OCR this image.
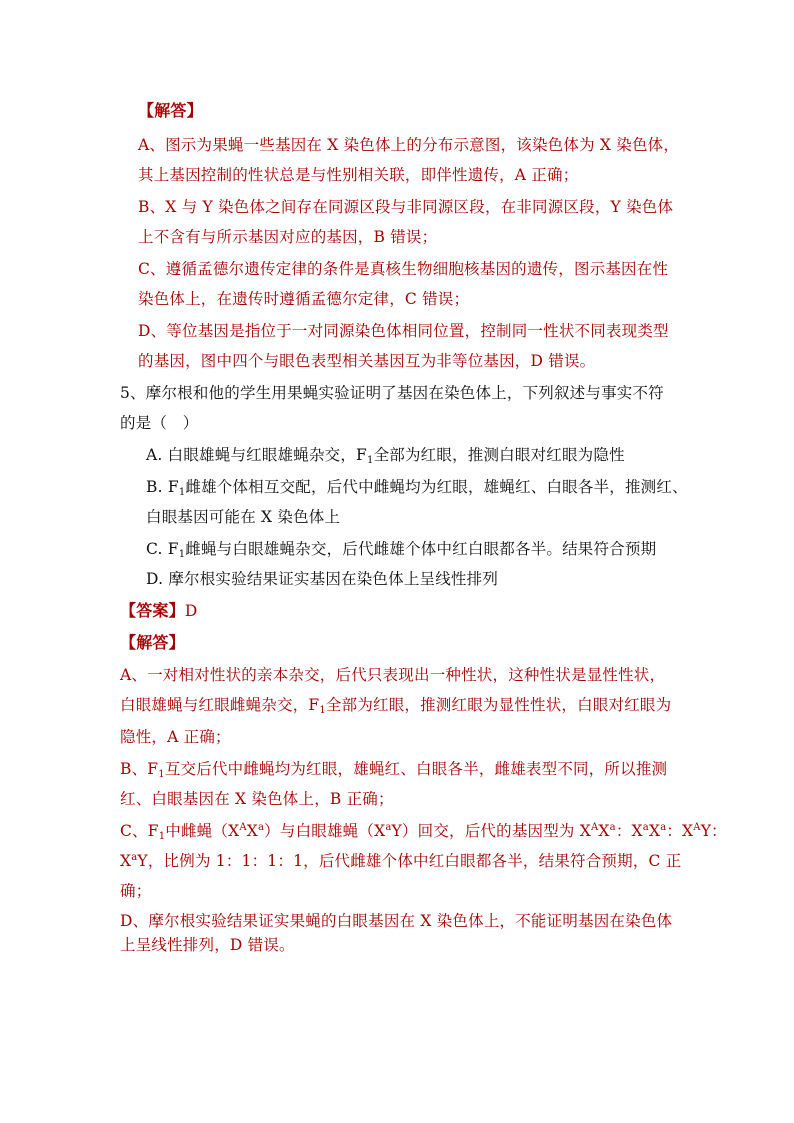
【解答】
A、图示为果蝇一些基因在 X 染色体上的分布示意图，该染色体为 X 染色体，
其上基因控制的性状总是与性别相关联，即伴性遗传，A 正确；
B、X 与 Y 染色体之间存在同源区段与非同源区段，在非同源区段，Y 染色体
上不含有与所示基因对应的基因，B 错误；
C、遵循孟德尔遗传定律的条件是真核生物细胞核基因的遗传，图示基因在性
染色体上，在遗传时遵循孟德尔定律，C 错误；
D、等位基因是指位于一对同源染色体相同位置，控制同一性状不同表现类型
的基因，图中四个与眼色表型相关基因互为非等位基因，D 错误。
5、摩尔根和他的学生用果蝇实验证明了基因在染色体上，下列叙述与事实不符
的是（　）
A. 白眼雄蝇与红眼雄蝇杂交，$F_1$全部为红眼，推测白眼对红眼为隐性
B. $F_1$雌雄个体相互交配，后代中雌蝇均为红眼，雄蝇红、白眼各半，推测红、
白眼基因可能在 X 染色体上
C. $F_1$雌蝇与白眼雄蝇杂交，后代雌雄个体中红白眼都各半。结果符合预期
D. 摩尔根实验结果证实基因在染色体上呈线性排列
【答案】D
【解答】
A、一对相对性状的亲本杂交，后代只表现出一种性状，这种性状是显性性状，
白眼雄蝇与红眼雌蝇杂交，$F_1$全部为红眼，推测红眼为显性性状，白眼对红眼为
隐性，A 正确；
B、$F_1$互交后代中雌蝇均为红眼，雄蝇红、白眼各半，雌雄表型不同，所以推测
红、白眼基因在 X 染色体上，B 正确；
C、$F_1$中雌蝇$(X^AX^a)$与白眼雄蝇$(X^aY)$回交，后代的基因型为 $X^AX^a$：$X^aX^a$：$X^AY$：
$X^aY$，比例为 1：1：1：1，后代雌雄个体中红白眼都各半，结果符合预期，C 正
确；
D、摩尔根实验结果证实果蝇的白眼基因在 X 染色体上，不能证明基因在染色体
上呈线性排列，D 错误。
